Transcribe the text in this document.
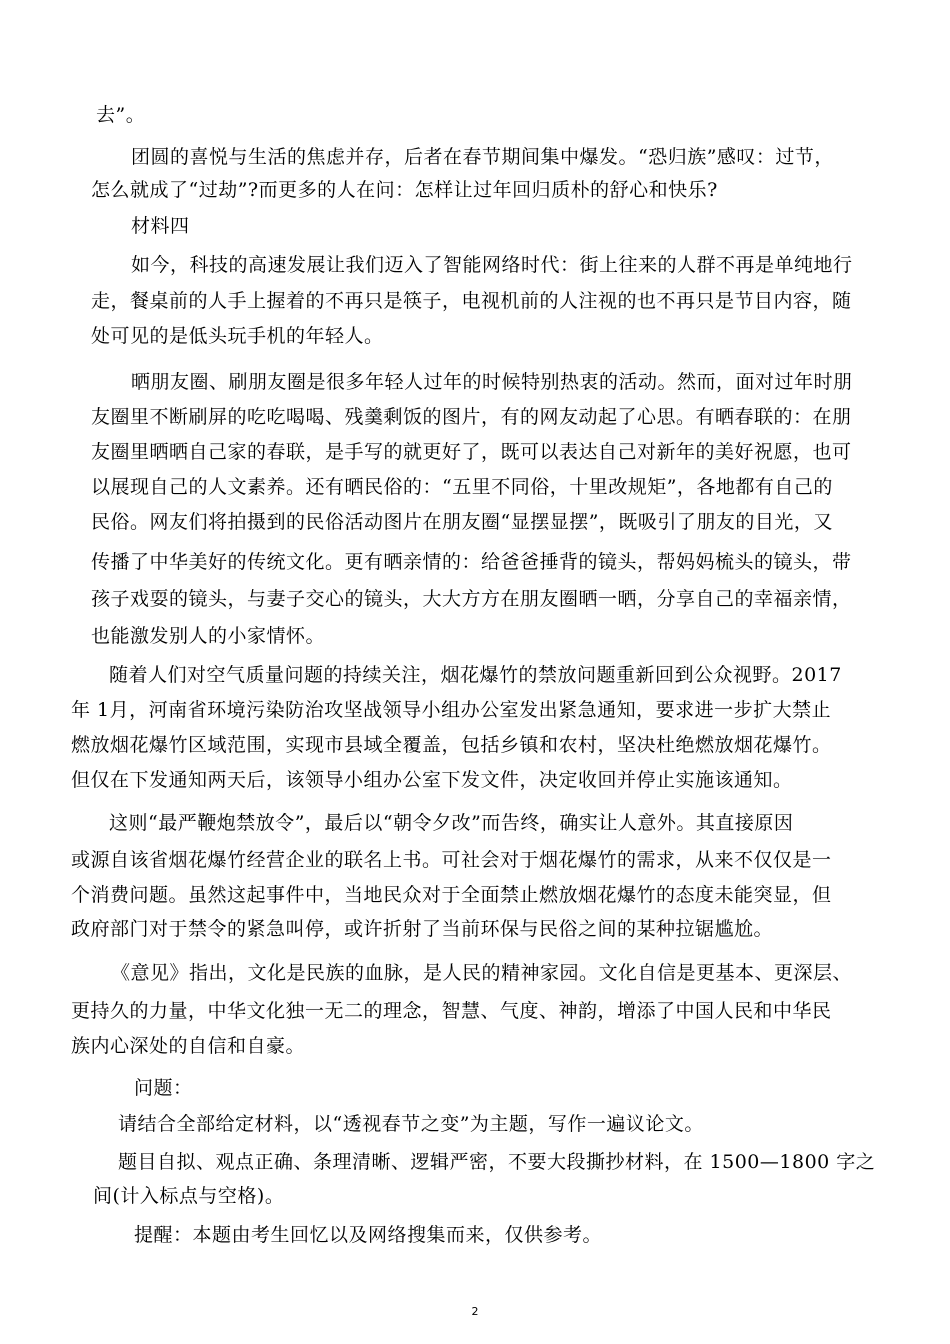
去”。
团圆的喜悦与生活的焦虑并存，后者在春节期间集中爆发。“恐归族”感叹：过节，
怎么就成了“过劫”?而更多的人在问：怎样让过年回归质朴的舒心和快乐?
材料四
如今，科技的高速发展让我们迈入了智能网络时代：街上往来的人群不再是单纯地行
走，餐桌前的人手上握着的不再只是筷子，电视机前的人注视的也不再只是节目内容，随
处可见的是低头玩手机的年轻人。
晒朋友圈、刷朋友圈是很多年轻人过年的时候特别热衷的活动。然而，面对过年时朋
友圈里不断刷屏的吃吃喝喝、残羹剩饭的图片，有的网友动起了心思。有晒春联的：在朋
友圈里晒晒自己家的春联，是手写的就更好了，既可以表达自己对新年的美好祝愿，也可
以展现自己的人文素养。还有晒民俗的：“五里不同俗，十里改规矩”，各地都有自己的
民俗。网友们将拍摄到的民俗活动图片在朋友圈“显摆显摆”，既吸引了朋友的目光，又
传播了中华美好的传统文化。更有晒亲情的：给爸爸捶背的镜头，帮妈妈梳头的镜头，带
孩子戏耍的镜头，与妻子交心的镜头，大大方方在朋友圈晒一晒，分享自己的幸福亲情，
也能激发别人的小家情怀。
随着人们对空气质量问题的持续关注，烟花爆竹的禁放问题重新回到公众视野。2017
年 1月，河南省环境污染防治攻坚战领导小组办公室发出紧急通知，要求进一步扩大禁止
燃放烟花爆竹区域范围，实现市县域全覆盖，包括乡镇和农村，坚决杜绝燃放烟花爆竹。
但仅在下发通知两天后，该领导小组办公室下发文件，决定收回并停止实施该通知。
这则“最严鞭炮禁放令”，最后以“朝令夕改”而告终，确实让人意外。其直接原因
或源自该省烟花爆竹经营企业的联名上书。可社会对于烟花爆竹的需求，从来不仅仅是一
个消费问题。虽然这起事件中，当地民众对于全面禁止燃放烟花爆竹的态度未能突显，但
政府部门对于禁令的紧急叫停，或许折射了当前环保与民俗之间的某种拉锯尴尬。
《意见》指出，文化是民族的血脉，是人民的精神家园。文化自信是更基本、更深层、
更持久的力量，中华文化独一无二的理念，智慧、气度、神韵，增添了中国人民和中华民
族内心深处的自信和自豪。
问题：
请结合全部给定材料，以“透视春节之变”为主题，写作一遍议论文。
题目自拟、观点正确、条理清晰、逻辑严密，不要大段撕抄材料，在 1500—1800 字之
间(计入标点与空格)。
提醒：本题由考生回忆以及网络搜集而来，仅供参考。
2
